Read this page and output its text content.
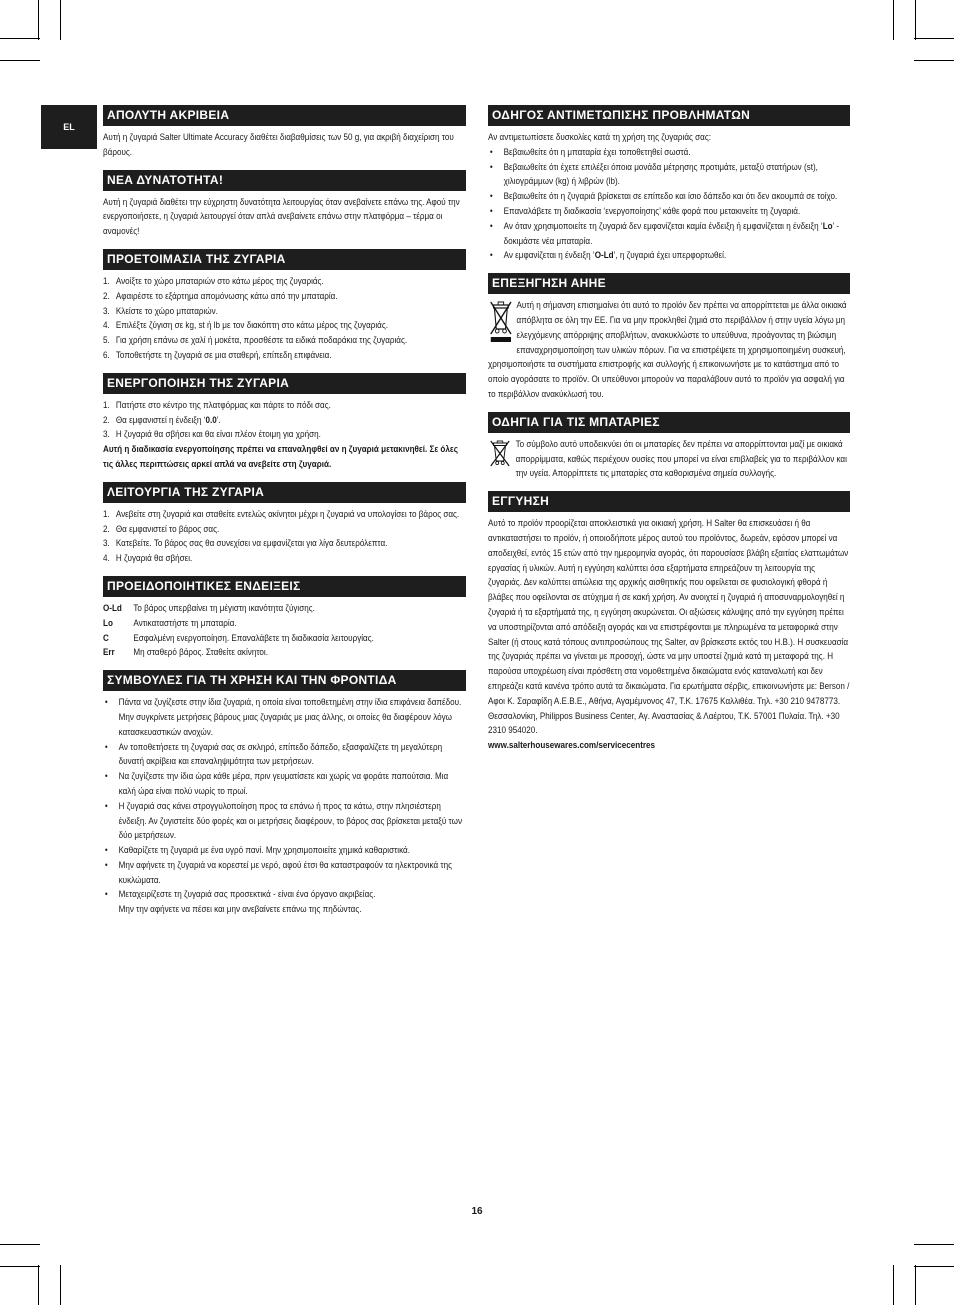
EL
ΑΠΟΛΥΤΗ ΑΚΡΙΒΕΙΑ

Αυτή η ζυγαριά Salter Ultimate Accuracy διαθέτει διαβαθμίσεις των 50 g, για ακριβή διαχείριση του βάρους.

ΝΕΑ ΔΥΝΑΤΟΤΗΤΑ!

Αυτή η ζυγαριά διαθέτει την εύχρηστη δυνατότητα λειτουργίας όταν ανεβαίνετε επάνω της. Αφού την ενεργοποιήσετε, η ζυγαριά λειτουργεί όταν απλά ανεβαίνετε επάνω στην πλατφόρμα – τέρμα οι αναμονές!

ΠΡΟΕΤΟΙΜΑΣΙΑ ΤΗΣ ΖΥΓΑΡΙΑ
1. Ανοίξτε το χώρο μπαταριών στο κάτω μέρος της ζυγαριάς.
2. Αφαιρέστε το εξάρτημα απομόνωσης κάτω από την μπαταρία.
3. Κλείστε το χώρο μπαταριών.
4. Επιλέξτε ζύγιση σε kg, st ή lb με τον διακόπτη στο κάτω μέρος της ζυγαριάς.
5. Για χρήση επάνω σε χαλί ή μοκέτα, προσθέστε τα ειδικά ποδαράκια της ζυγαριάς.
6. Τοποθετήστε τη ζυγαριά σε μια σταθερή, επίπεδη επιφάνεια.
ΕΝΕΡΓΟΠΟΙΗΣΗ ΤΗΣ ΖΥΓΑΡΙΑ
1. Πατήστε στο κέντρο της πλατφόρμας και πάρτε το πόδι σας.
2. Θα εμφανιστεί η ένδειξη ‘0.0’.
3. Η ζυγαριά θα σβήσει και θα είναι πλέον έτοιμη για χρήση.

Αυτή η διαδικασία ενεργοποίησης πρέπει να επαναληφθεί αν η ζυγαριά μετακινηθεί. Σε όλες τις άλλες περιπτώσεις αρκεί απλά να ανεβείτε στη ζυγαριά.

ΛΕΙΤΟΥΡΓΙΑ ΤΗΣ ΖΥΓΑΡΙΑ
1. Ανεβείτε στη ζυγαριά και σταθείτε εντελώς ακίνητοι μέχρι η ζυγαριά να υπολογίσει το βάρος σας.
2. Θα εμφανιστεί το βάρος σας.
3. Κατεβείτε. Το βάρος σας θα συνεχίσει να εμφανίζεται για λίγα δευτερόλεπτα.
4. Η ζυγαριά θα σβήσει.
ΠΡΟΕΙΔΟΠΟΙΗΤΙΚΕΣ ΕΝΔΕΙΞΕΙΣ
O-Ld	Το βάρος υπερβαίνει τη μέγιστη ικανότητα ζύγισης.
Lo	Αντικαταστήστε τη μπαταρία.
C	Εσφαλμένη ενεργοποίηση. Επαναλάβετε τη διαδικασία λειτουργίας.
Err	Μη σταθερό βάρος. Σταθείτε ακίνητοι.
ΣΥΜΒΟΥΛΕΣ ΓΙΑ ΤΗ ΧΡΗΣΗ ΚΑΙ ΤΗΝ ΦΡΟΝΤΙΔΑ
• Πάντα να ζυγίζεστε στην ίδια ζυγαριά, η οποία είναι τοποθετημένη στην ίδια επιφάνεια δαπέδου.
Μην συγκρίνετε μετρήσεις βάρους μιας ζυγαριάς με μιας άλλης, οι οποίες θα διαφέρουν λόγω κατασκευαστικών ανοχών.
• Αν τοποθετήσετε τη ζυγαριά σας σε σκληρό, επίπεδο δάπεδο, εξασφαλίζετε τη μεγαλύτερη δυνατή ακρίβεια και επαναληψιμότητα των μετρήσεων.
• Να ζυγίζεστε την ίδια ώρα κάθε μέρα, πριν γευματίσετε και χωρίς να φοράτε παπούτσια. Μια καλή ώρα είναι πολύ νωρίς το πρωί.
• Η ζυγαριά σας κάνει στρογγυλοποίηση προς τα επάνω ή προς τα κάτω, στην πλησιέστερη ένδειξη. Αν ζυγιστείτε δύο φορές και οι μετρήσεις διαφέρουν, το βάρος σας βρίσκεται μεταξύ των δύο μετρήσεων.
• Καθαρίζετε τη ζυγαριά με ένα υγρό πανί. Μην χρησιμοποιείτε χημικά καθαριστικά.
• Μην αφήνετε τη ζυγαριά να κορεστεί με νερό, αφού έτσι θα καταστραφούν τα ηλεκτρονικά της κυκλώματα.
• Μεταχειρίζεστε τη ζυγαριά σας προσεκτικά - είναι ένα όργανο ακριβείας.
Μην την αφήνετε να πέσει και μην ανεβαίνετε επάνω της πηδώντας.
ΟΔΗΓΟΣ ΑΝΤΙΜΕΤΩΠΙΣΗΣ ΠΡΟΒΛΗΜΑΤΩΝ

Αν αντιμετωπίσετε δυσκολίες κατά τη χρήση της ζυγαριάς σας:

• Βεβαιωθείτε ότι η μπαταρία έχει τοποθετηθεί σωστά.
• Βεβαιωθείτε ότι έχετε επιλέξει όποια μονάδα μέτρησης προτιμάτε, μεταξύ στατήρων (st), χιλιογράμμων (kg) ή λιβρών (lb).
• Βεβαιωθείτε ότι η ζυγαριά βρίσκεται σε επίπεδο και ίσιο δάπεδο και ότι δεν ακουμπά σε τοίχο.
• Επαναλάβετε τη διαδικασία ‘ενεργοποίησης’ κάθε φορά που μετακινείτε τη ζυγαριά.
• Αν όταν χρησιμοποιείτε τη ζυγαριά δεν εμφανίζεται καμία ένδειξη ή εμφανίζεται η ένδειξη ‘Lo’ - δοκιμάστε νέα μπαταρία.
• Αν εμφανίζεται η ένδειξη ‘O-Ld’, η ζυγαριά έχει υπερφορτωθεί.
ΕΠΕΞΗΓΗΣΗ ΑΗΗΕ

Αυτή η σήμανση επισημαίνει ότι αυτό το προϊόν δεν πρέπει να απορρίπτεται με άλλα οικιακά απόβλητα σε όλη την ΕΕ. Για να μην προκληθεί ζημιά στο περιβάλλον ή στην υγεία λόγω μη ελεγχόμενης απόρριψης αποβλήτων, ανακυκλώστε το υπεύθυνα, προάγοντας τη βιώσιμη επαναχρησιμοποίηση των υλικών πόρων. Για να επιστρέψετε τη χρησιμοποιημένη συσκευή, χρησιμοποιήστε τα συστήματα επιστροφής και συλλογής ή επικοινωνήστε με το κατάστημα από το οποίο αγοράσατε το προϊόν. Οι υπεύθυνοι μπορούν να παραλάβουν αυτό το προϊόν για ασφαλή για το περιβάλλον ανακύκλωσή του.

ΟΔΗΓΙΑ ΓΙΑ ΤΙΣ ΜΠΑΤΑΡΙΕΣ

Το σύμβολο αυτό υποδεικνύει ότι οι μπαταρίες δεν πρέπει να απορρίπτονται μαζί με οικιακά απορρίμματα, καθώς περιέχουν ουσίες που μπορεί να είναι επιβλαβείς για το περιβάλλον και την υγεία. Απορρίπτετε τις μπαταρίες στα καθορισμένα σημεία συλλογής.

ΕΓΓΥΗΣΗ

Αυτό το προϊόν προορίζεται αποκλειστικά για οικιακή χρήση. Η Salter θα επισκευάσει ή θα αντικαταστήσει το προϊόν, ή οποιοδήποτε μέρος αυτού του προϊόντος, δωρεάν, εφόσον μπορεί να αποδειχθεί, εντός 15 ετών από την ημερομηνία αγοράς, ότι παρουσίασε βλάβη εξαιτίας ελαττωμάτων εργασίας ή υλικών. Αυτή η εγγύηση καλύπτει όσα εξαρτήματα επηρεάζουν τη λειτουργία της ζυγαριάς. Δεν καλύπτει απώλεια της αρχικής αισθητικής που οφείλεται σε φυσιολογική φθορά ή βλάβες που οφείλονται σε ατύχημα ή σε κακή χρήση. Αν ανοιχτεί η ζυγαριά ή αποσυναρμολογηθεί η ζυγαριά ή τα εξαρτήματά της, η εγγύηση ακυρώνεται. Οι αξιώσεις κάλυψης από την εγγύηση πρέπει να υποστηρίζονται από απόδειξη αγοράς και να επιστρέφονται με πληρωμένα τα μεταφορικά στην Salter (ή στους κατά τόπους αντιπροσώπους της Salter, αν βρίσκεστε εκτός του Η.Β.). Η συσκευασία της ζυγαριάς πρέπει να γίνεται με προσοχή, ώστε να μην υποστεί ζημιά κατά τη μεταφορά της. Η παρούσα υποχρέωση είναι πρόσθετη στα νομοθετημένα δικαιώματα ενός καταναλωτή και δεν επηρεάζει κατά κανένα τρόπο αυτά τα δικαιώματα. Για ερωτήματα σέρβις, επικοινωνήστε με: Berson / Αφοι Κ. Σαραφίδη Α.Ε.Β.Ε., Αθήνα, Αγαμέμνονος 47, Τ.Κ. 17675 Καλλιθέα. Τηλ. +30 210 9478773. Θεσσαλονίκη, Philippos Business Center, Αγ. Αναστασίας & Λαέρτου, Τ.Κ. 57001 Πυλαία. Τηλ. +30 2310 954020.

www.salterhousewares.com/servicecentres

16
